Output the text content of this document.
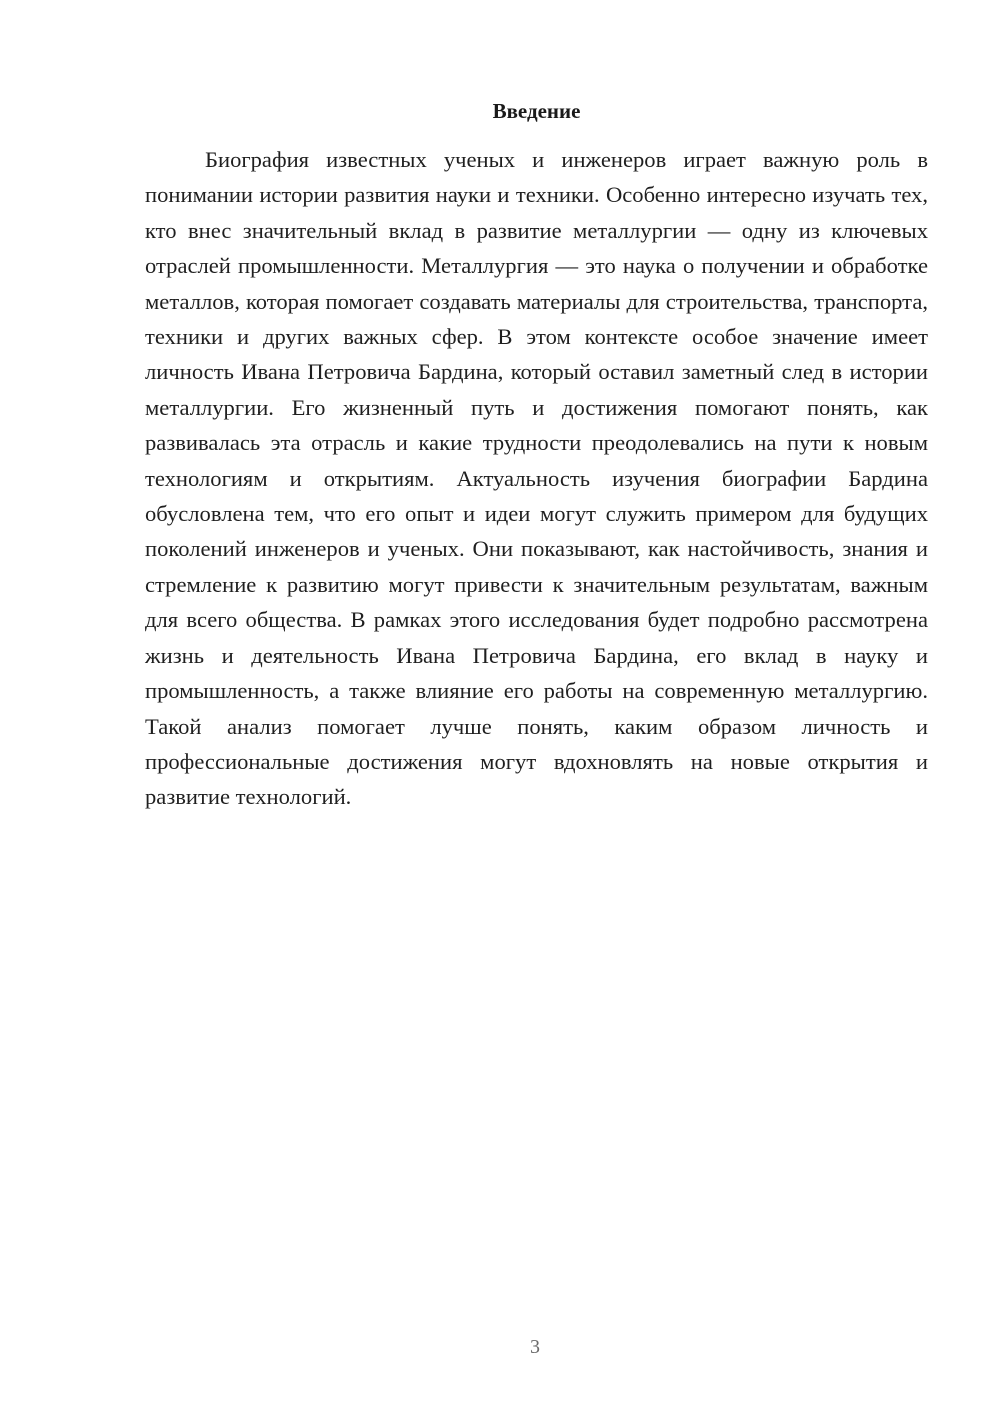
Введение

Биография известных ученых и инженеров играет важную роль в понимании истории развития науки и техники. Особенно интересно изучать тех, кто внес значительный вклад в развитие металлургии — одну из ключевых отраслей промышленности. Металлургия — это наука о получении и обработке металлов, которая помогает создавать материалы для строительства, транспорта, техники и других важных сфер. В этом контексте особое значение имеет личность Ивана Петровича Бардина, который оставил заметный след в истории металлургии. Его жизненный путь и достижения помогают понять, как развивалась эта отрасль и какие трудности преодолевались на пути к новым технологиям и открытиям. Актуальность изучения биографии Бардина обусловлена тем, что его опыт и идеи могут служить примером для будущих поколений инженеров и ученых. Они показывают, как настойчивость, знания и стремление к развитию могут привести к значительным результатам, важным для всего общества. В рамках этого исследования будет подробно рассмотрена жизнь и деятельность Ивана Петровича Бардина, его вклад в науку и промышленность, а также влияние его работы на современную металлургию. Такой анализ помогает лучше понять, каким образом личность и профессиональные достижения могут вдохновлять на новые открытия и развитие технологий.

3
